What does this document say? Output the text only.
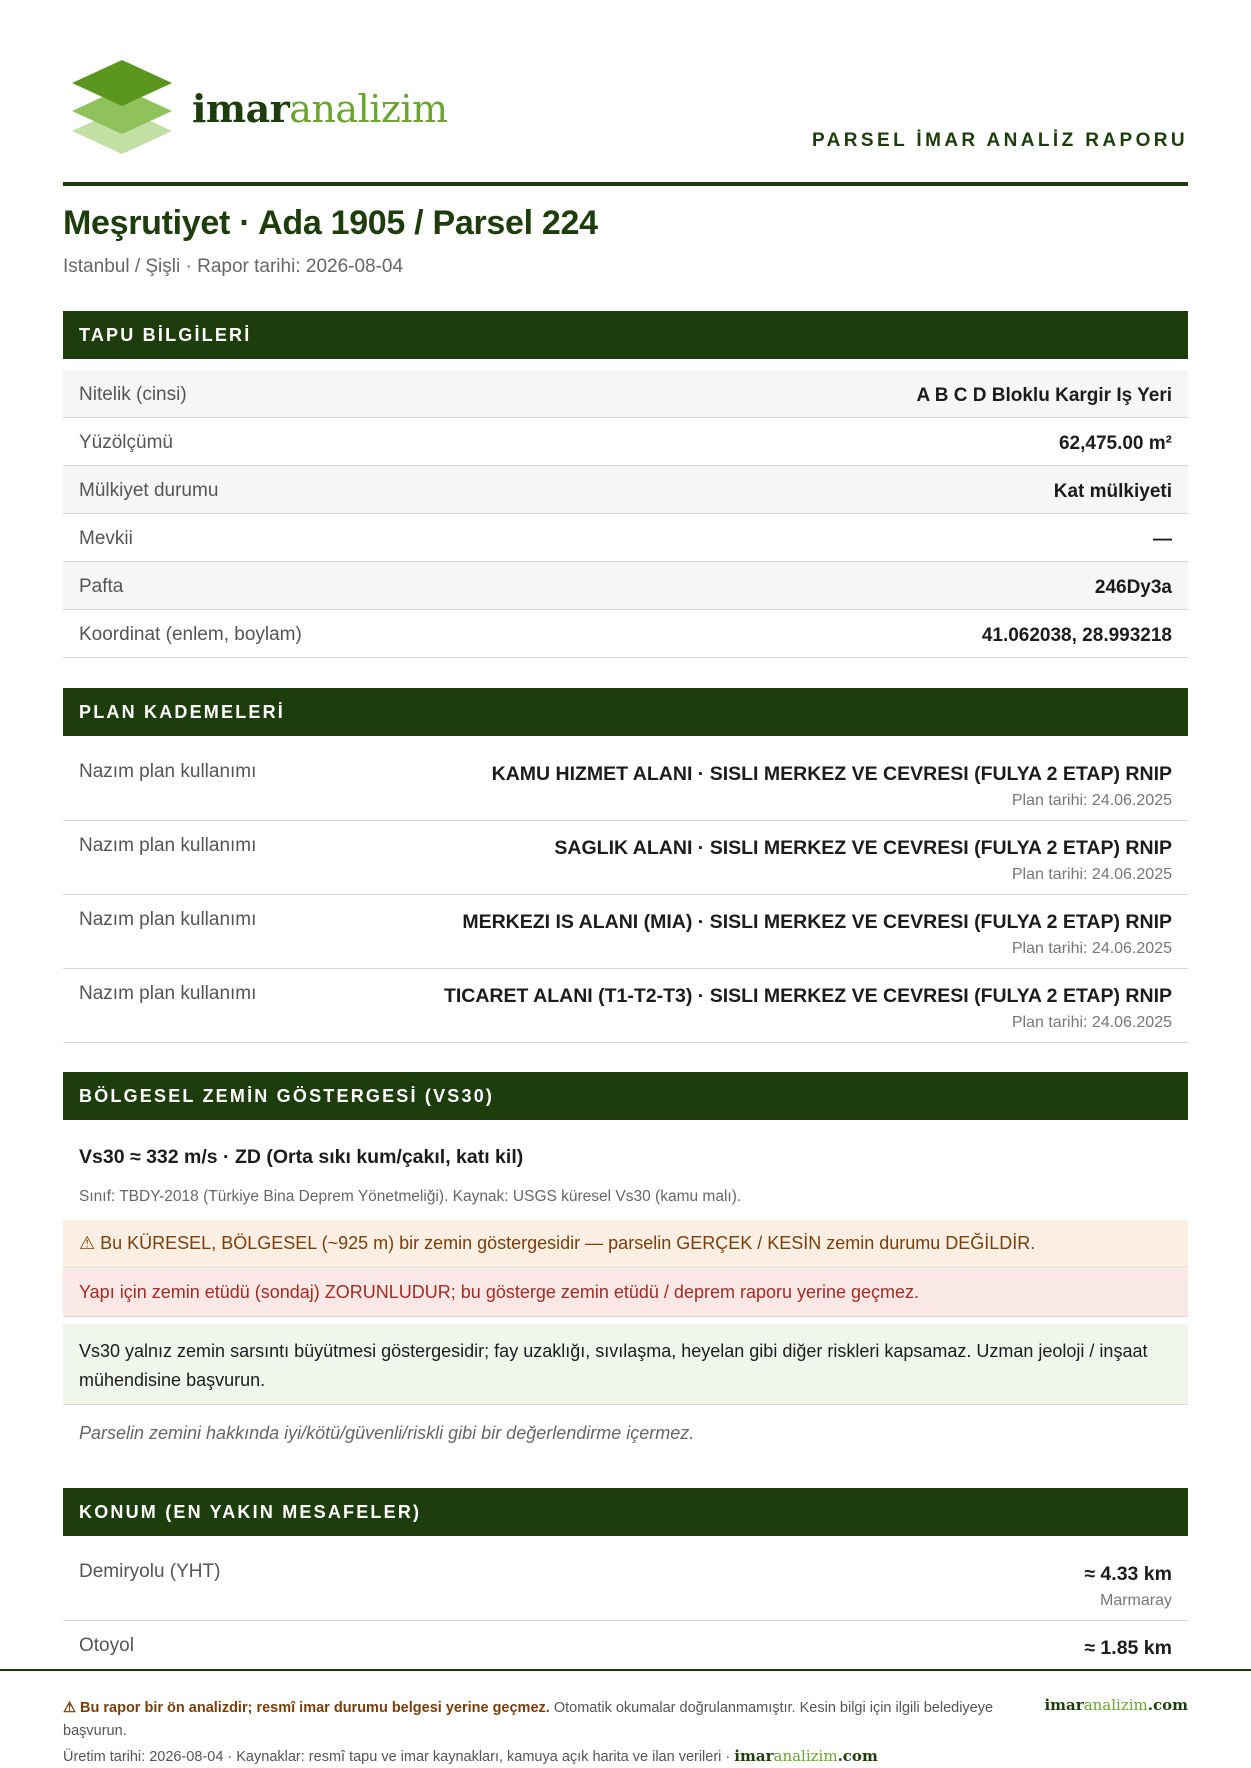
imaranalizim
PARSEL İMAR ANALİZ RAPORU
Meşrutiyet · Ada 1905 / Parsel 224
Istanbul / Şişli · Rapor tarihi: 2026-08-04
TAPU BİLGİLERİ
Nitelik (cinsi)	A B C D Bloklu Kargir Iş Yeri
Yüzölçümü	62,475.00 m²
Mülkiyet durumu	Kat mülkiyeti
Mevkii	—
Pafta	246Dy3a
Koordinat (enlem, boylam)	41.062038, 28.993218
PLAN KADEMELERİ
Nazım plan kullanımı	KAMU HIZMET ALANI · SISLI MERKEZ VE CEVRESI (FULYA 2 ETAP) RNIP
Plan tarihi: 24.06.2025
Nazım plan kullanımı	SAGLIK ALANI · SISLI MERKEZ VE CEVRESI (FULYA 2 ETAP) RNIP
Plan tarihi: 24.06.2025
Nazım plan kullanımı	MERKEZI IS ALANI (MIA) · SISLI MERKEZ VE CEVRESI (FULYA 2 ETAP) RNIP
Plan tarihi: 24.06.2025
Nazım plan kullanımı	TICARET ALANI (T1-T2-T3) · SISLI MERKEZ VE CEVRESI (FULYA 2 ETAP) RNIP
Plan tarihi: 24.06.2025
BÖLGESEL ZEMİN GÖSTERGESİ (VS30)
Vs30 ≈ 332 m/s · ZD (Orta sıkı kum/çakıl, katı kil)
Sınıf: TBDY-2018 (Türkiye Bina Deprem Yönetmeliği). Kaynak: USGS küresel Vs30 (kamu malı).
⚠ Bu KÜRESEL, BÖLGESEL (~925 m) bir zemin göstergesidir — parselin GERÇEK / KESİN zemin durumu DEĞİLDİR.
Yapı için zemin etüdü (sondaj) ZORUNLUDUR; bu gösterge zemin etüdü / deprem raporu yerine geçmez.
Vs30 yalnız zemin sarsıntı büyütmesi göstergesidir; fay uzaklığı, sıvılaşma, heyelan gibi diğer riskleri kapsamaz. Uzman jeoloji / inşaat mühendisine başvurun.
Parselin zemini hakkında iyi/kötü/güvenli/riskli gibi bir değerlendirme içermez.
KONUM (EN YAKIN MESAFELER)
Demiryolu (YHT)	≈ 4.33 km
Marmaray
Otoyol	≈ 1.85 km
⚠ Bu rapor bir ön analizdir; resmî imar durumu belgesi yerine geçmez. Otomatik okumalar doğrulanmamıştır. Kesin bilgi için ilgili belediyeye başvurun.
Üretim tarihi: 2026-08-04 · Kaynaklar: resmî tapu ve imar kaynakları, kamuya açık harita ve ilan verileri · imaranalizim.com
imaranalizim.com
